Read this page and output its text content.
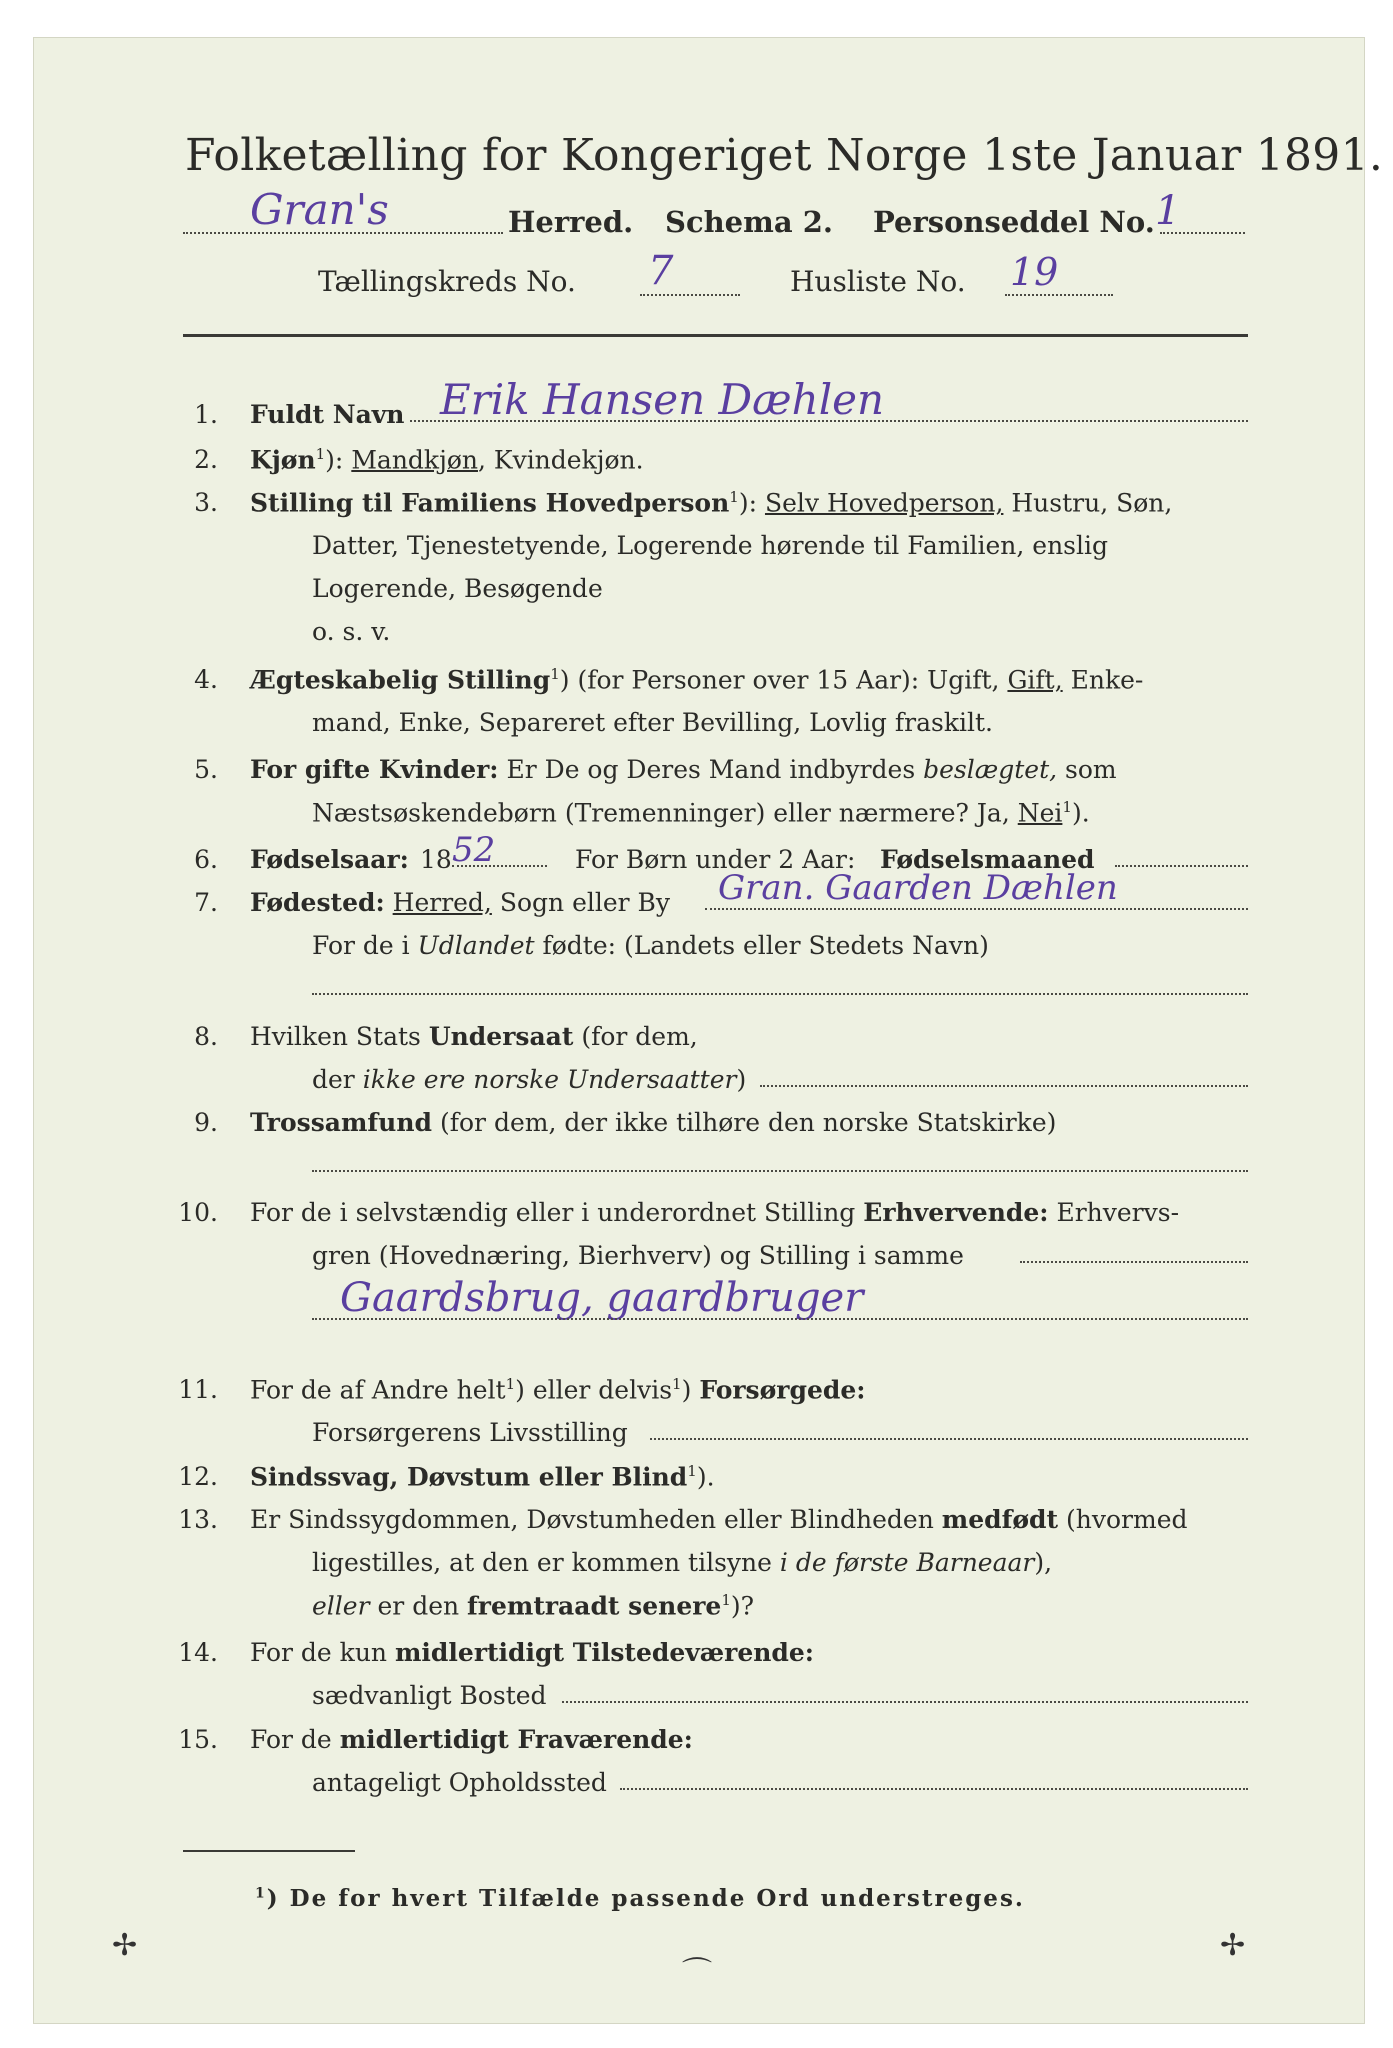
Folketælling for Kongeriget Norge 1ste Januar 1891.
Gran's	Herred. Schema 2. Personseddel No. 1
Tællingskreds No. 7	Husliste No. 19
1. Fuldt Navn Erik Hansen Dæhlen
2. Kjøn$^1$): Mandkjøn, Kvindekjøn.
3. Stilling til Familiens Hovedperson$^1$): Selv Hovedperson, Hustru, Søn,
Datter, Tjenestetyende, Logerende hørende til Familien, enslig
Logerende, Besøgende
o. s. v.
4. Ægteskabelig Stilling$^1$) (for Personer over 15 Aar): Ugift, Gift, Enke-
mand, Enke, Separeret efter Bevilling, Lovlig fraskilt.
5. For gifte Kvinder: Er De og Deres Mand indbyrdes beslægtet, som
Næstsøskendebørn (Tremenninger) eller nærmere? Ja, Nei$^1$).
6. Fødselsaar: 18 52	For Børn under 2 Aar: Fødselsmaaned
7. Fødested: Herred, Sogn eller By Gran. Gaarden Dæhlen
For de i Udlandet fødte: (Landets eller Stedets Navn)
8. Hvilken Stats Undersaat (for dem,
der ikke ere norske Undersaatter)
9. Trossamfund (for dem, der ikke tilhøre den norske Statskirke)
10. For de i selvstændig eller i underordnet Stilling Erhvervende: Erhvervs-
gren (Hovednæring, Bierhverv) og Stilling i samme
Gaardsbrug, gaardbruger
11. For de af Andre helt$^1$) eller delvis$^1$) Forsørgede:
Forsørgerens Livsstilling
12. Sindssvag, Døvstum eller Blind$^1$).
13. Er Sindssygdommen, Døvstumheden eller Blindheden medfødt (hvormed
ligestilles, at den er kommen tilsyne i de første Barneaar),
eller er den fremtraadt senere$^1$)?
14. For de kun midlertidigt Tilstedeværende:
sædvanligt Bosted
15. For de midlertidigt Fraværende:
antageligt Opholdssted
$^1$) De for hvert Tilfælde passende Ord understreges.
✢
⌒
✢
